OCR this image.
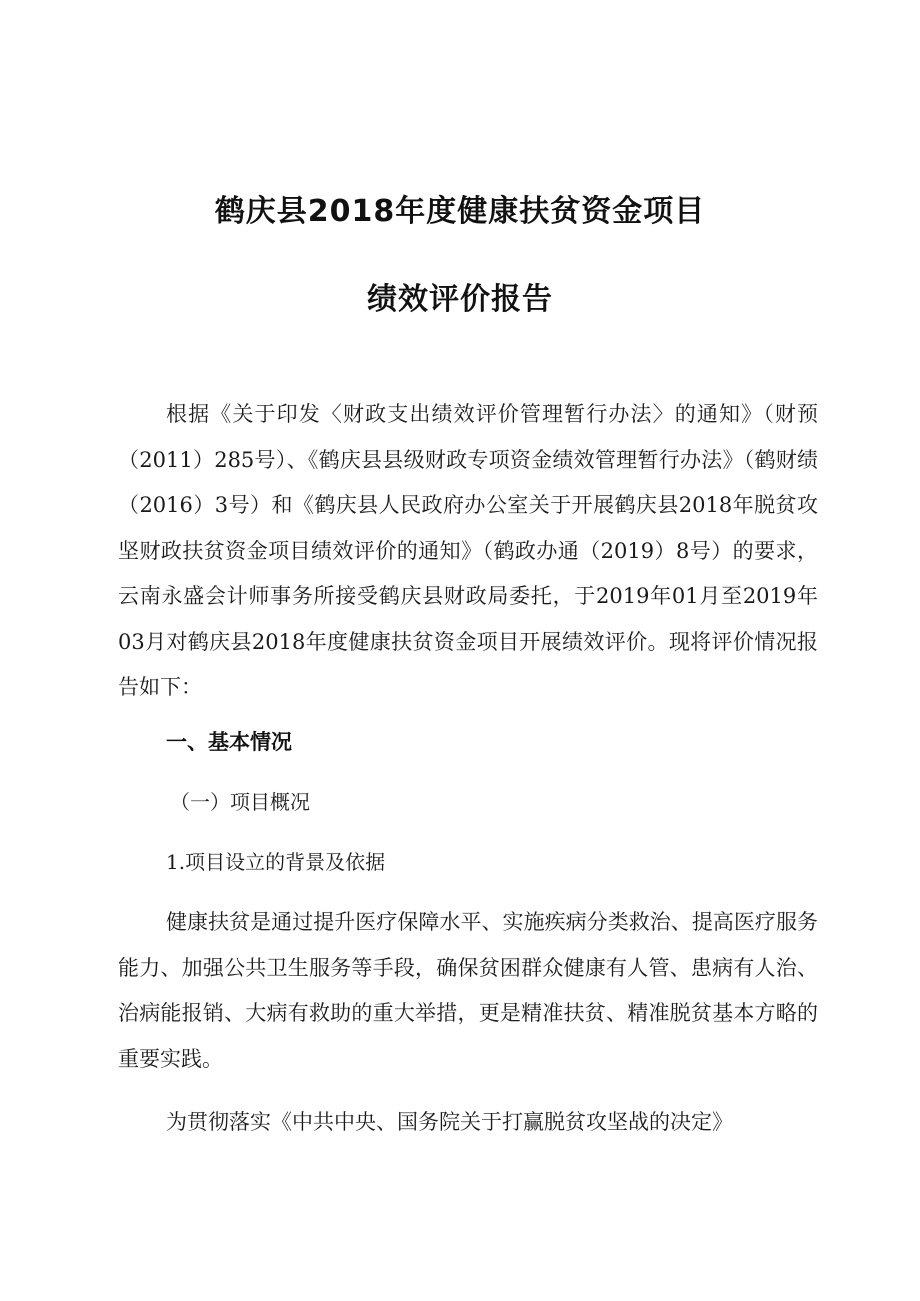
鹤庆县2018年度健康扶贫资金项目
绩效评价报告

根据《关于印发〈财政支出绩效评价管理暂行办法〉的通知》（财预（2011）285号）、《鹤庆县县级财政专项资金绩效管理暂行办法》（鹤财绩（2016）3号）和《鹤庆县人民政府办公室关于开展鹤庆县2018年脱贫攻坚财政扶贫资金项目绩效评价的通知》（鹤政办通（2019）8号）的要求，云南永盛会计师事务所接受鹤庆县财政局委托，于2019年01月至2019年03月对鹤庆县2018年度健康扶贫资金项目开展绩效评价。现将评价情况报告如下：

一、基本情况
（一）项目概况
1.项目设立的背景及依据

健康扶贫是通过提升医疗保障水平、实施疾病分类救治、提高医疗服务能力、加强公共卫生服务等手段，确保贫困群众健康有人管、患病有人治、治病能报销、大病有救助的重大举措，更是精准扶贫、精准脱贫基本方略的重要实践。

为贯彻落实《中共中央、国务院关于打赢脱贫攻坚战的决定》
